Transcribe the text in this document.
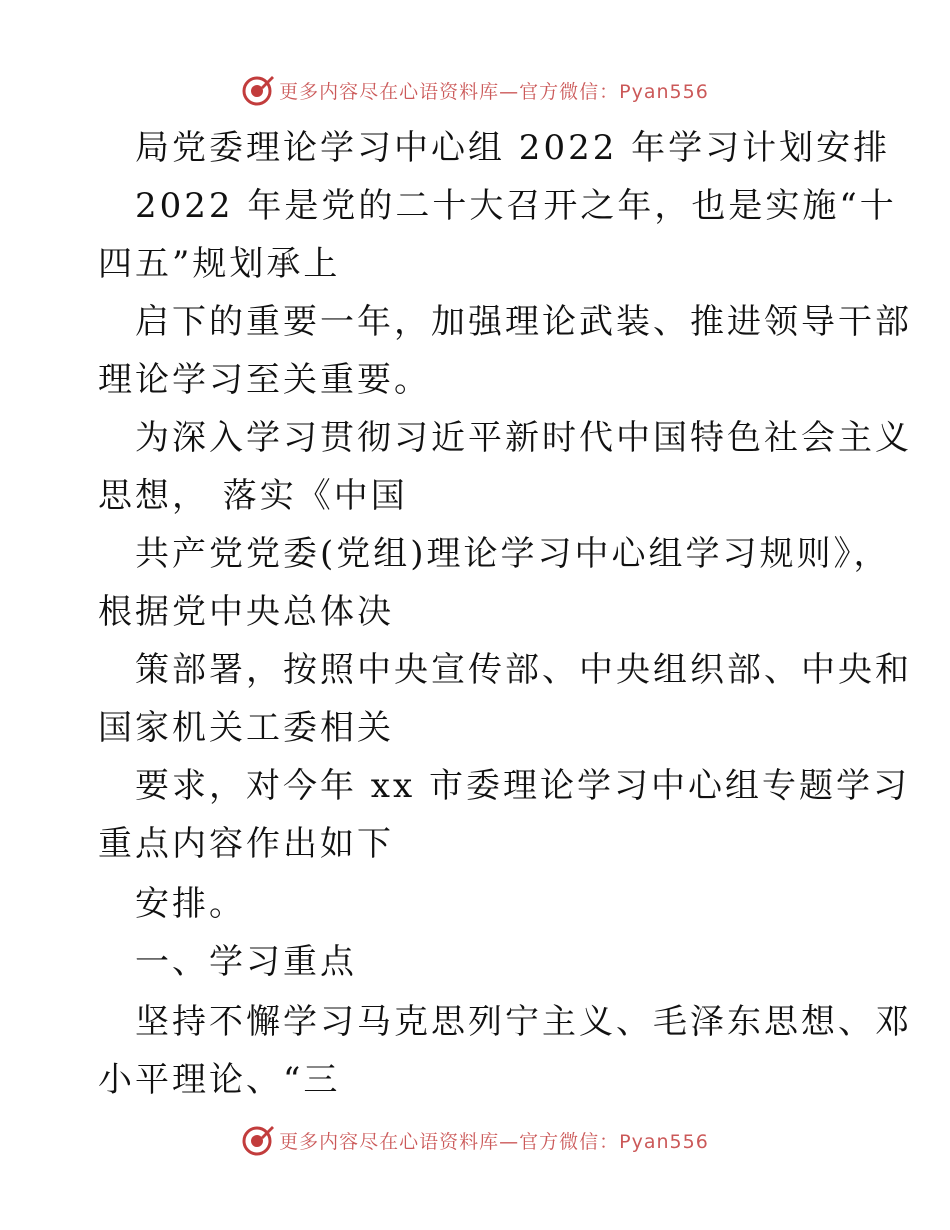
更多内容尽在心语资料库—官方微信：Pyan556
局党委理论学习中心组 2022 年学习计划安排
2022 年是党的二十大召开之年，也是实施“十
四五”规划承上
启下的重要一年，加强理论武装、推进领导干部
理论学习至关重要。
为深入学习贯彻习近平新时代中国特色社会主义
思想， 落实《中国
共产党党委(党组)理论学习中心组学习规则》，
根据党中央总体决
策部署，按照中央宣传部、中央组织部、中央和
国家机关工委相关
要求，对今年 xx 市委理论学习中心组专题学习
重点内容作出如下
安排。
一、学习重点
坚持不懈学习马克思列宁主义、毛泽东思想、邓
小平理论、“三
更多内容尽在心语资料库—官方微信：Pyan556
